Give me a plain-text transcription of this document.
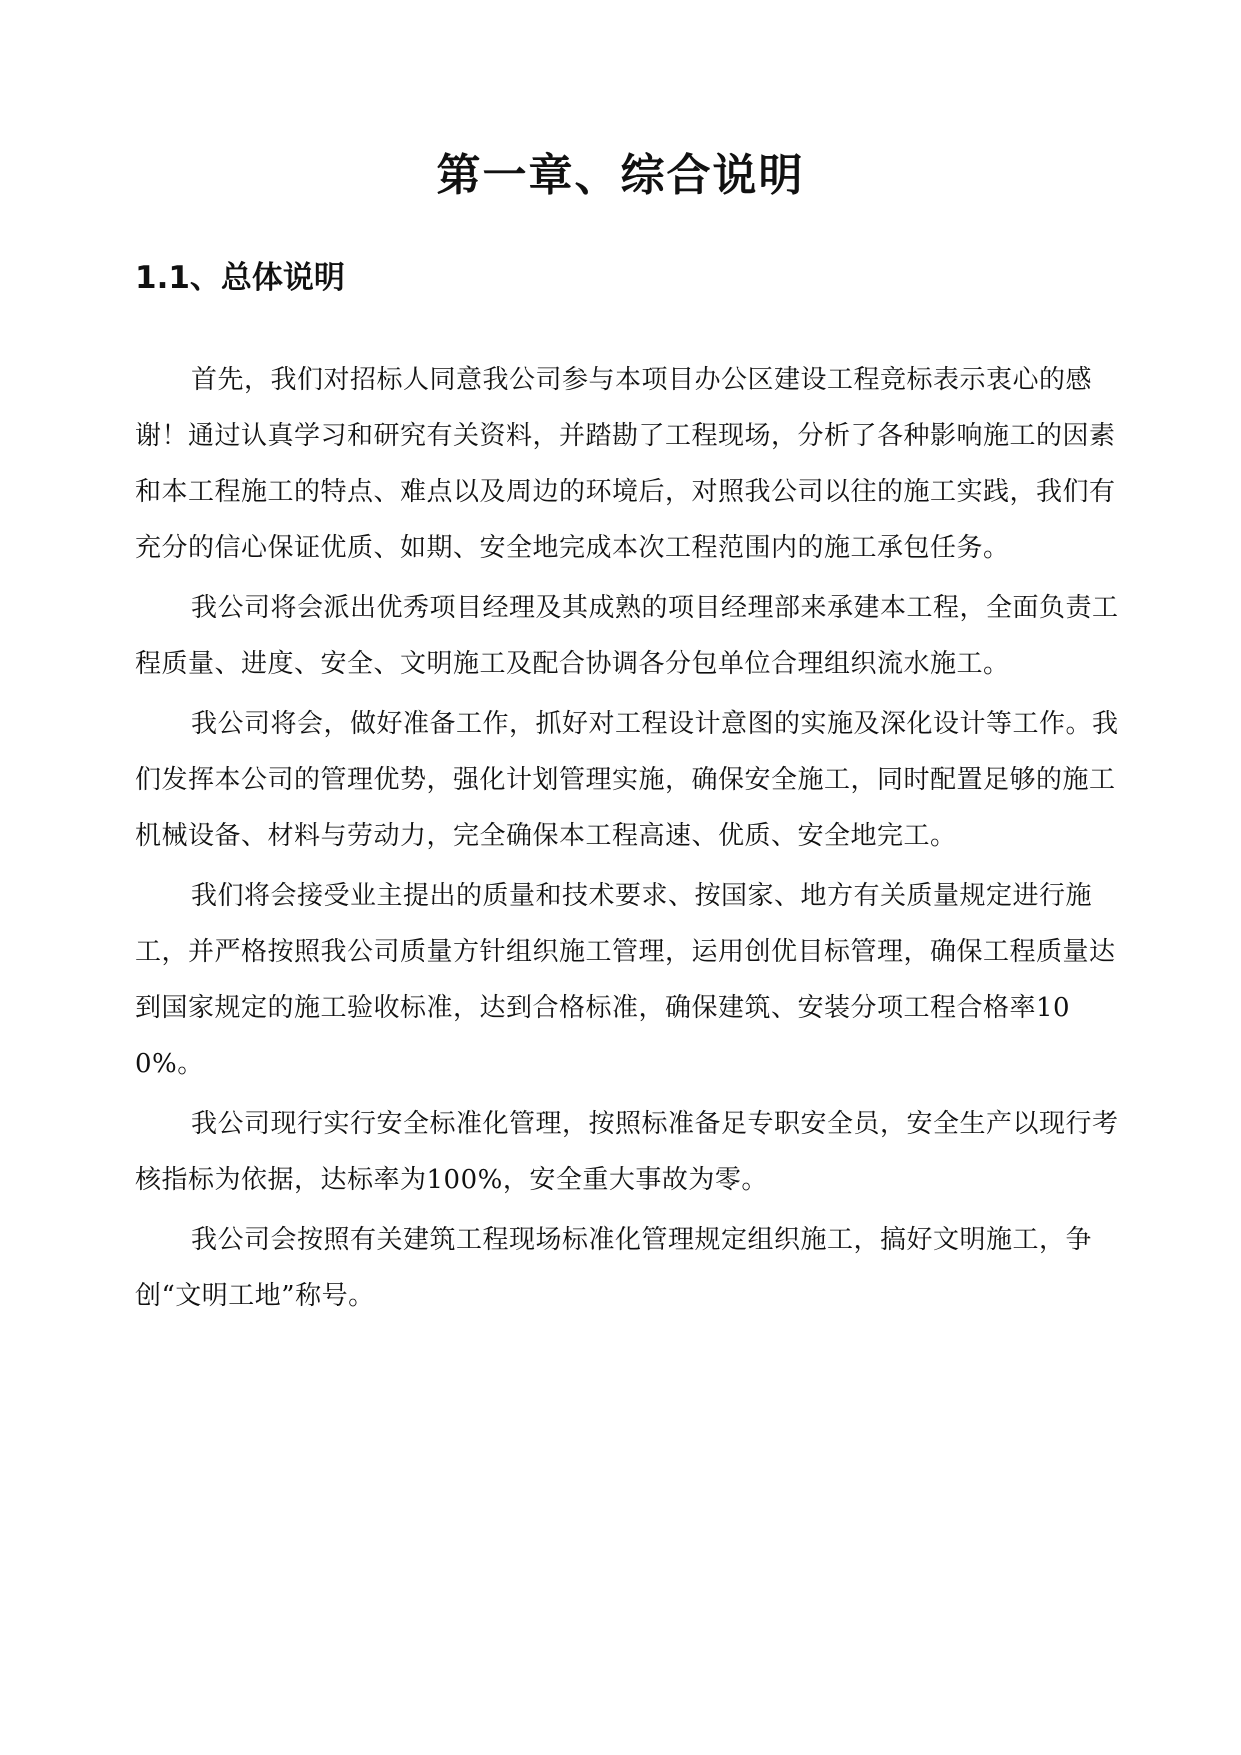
第一章、综合说明
1.1、总体说明

首先，我们对招标人同意我公司参与本项目办公区建设工程竞标表示衷心的感谢！通过认真学习和研究有关资料，并踏勘了工程现场，分析了各种影响施工的因素和本工程施工的特点、难点以及周边的环境后，对照我公司以往的施工实践，我们有充分的信心保证优质、如期、安全地完成本次工程范围内的施工承包任务。

我公司将会派出优秀项目经理及其成熟的项目经理部来承建本工程，全面负责工程质量、进度、安全、文明施工及配合协调各分包单位合理组织流水施工。

我公司将会，做好准备工作，抓好对工程设计意图的实施及深化设计等工作。我们发挥本公司的管理优势，强化计划管理实施，确保安全施工，同时配置足够的施工机械设备、材料与劳动力，完全确保本工程高速、优质、安全地完工。

我们将会接受业主提出的质量和技术要求、按国家、地方有关质量规定进行施工，并严格按照我公司质量方针组织施工管理，运用创优目标管理，确保工程质量达到国家规定的施工验收标准，达到合格标准，确保建筑、安装分项工程合格率100%。

我公司现行实行安全标准化管理，按照标准备足专职安全员，安全生产以现行考核指标为依据，达标率为100%，安全重大事故为零。

我公司会按照有关建筑工程现场标准化管理规定组织施工，搞好文明施工，争创“文明工地”称号。
